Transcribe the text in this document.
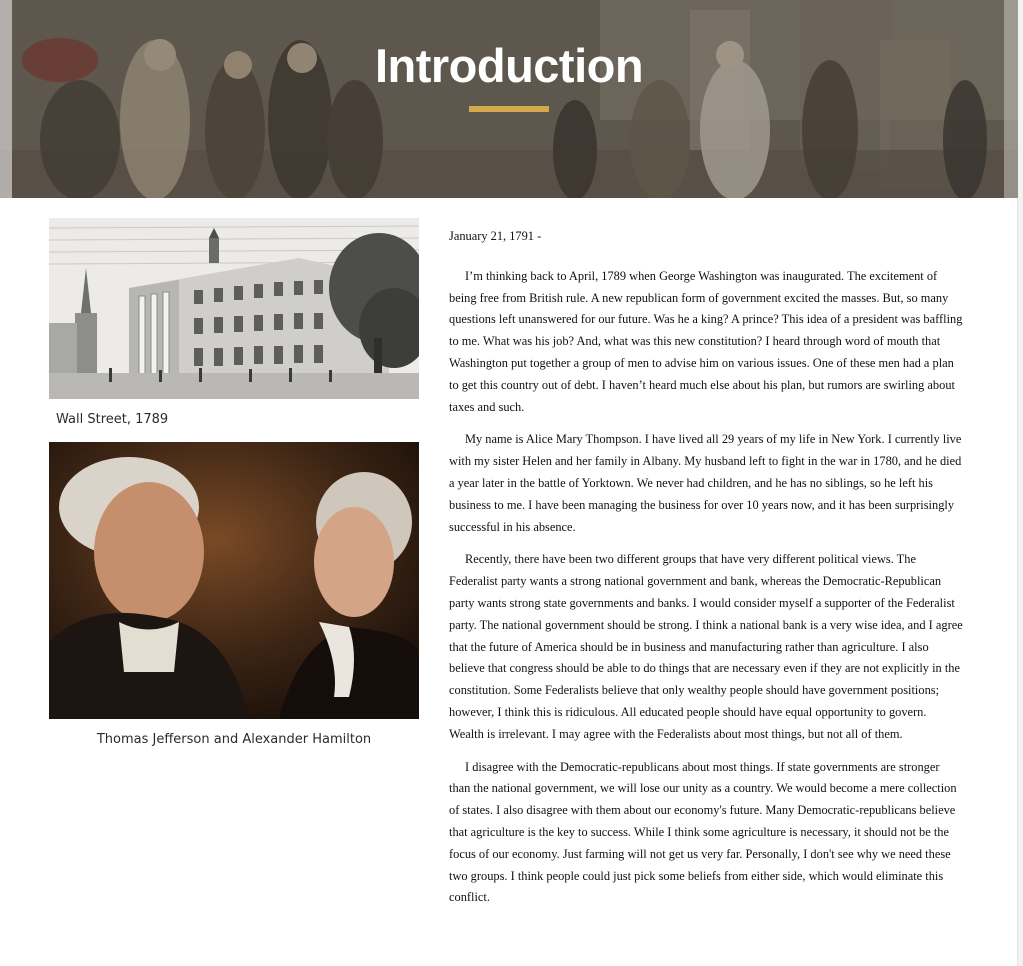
Introduction
Wall Street, 1789
Thomas Jefferson and Alexander Hamilton

January 21, 1791 -

I’m thinking back to April, 1789 when George Washington was inaugurated. The excitement of being free from British rule. A new republican form of government excited the masses. But, so many questions left unanswered for our future. Was he a king? A prince? This idea of a president was baffling to me. What was his job? And, what was this new constitution? I heard through word of mouth that Washington put together a group of men to advise him on various issues. One of these men had a plan to get this country out of debt. I haven’t heard much else about his plan, but rumors are swirling about taxes and such.

My name is Alice Mary Thompson. I have lived all 29 years of my life in New York. I currently live with my sister Helen and her family in Albany. My husband left to fight in the war in 1780, and he died a year later in the battle of Yorktown. We never had children, and he has no siblings, so he left his business to me. I have been managing the business for over 10 years now, and it has been surprisingly successful in his absence.

Recently, there have been two different groups that have very different political views. The Federalist party wants a strong national government and bank, whereas the Democratic-Republican party wants strong state governments and banks. I would consider myself a supporter of the Federalist party. The national government should be strong. I think a national bank is a very wise idea, and I agree that the future of America should be in business and manufacturing rather than agriculture. I also believe that congress should be able to do things that are necessary even if they are not explicitly in the constitution. Some Federalists believe that only wealthy people should have government positions; however, I think this is ridiculous. All educated people should have equal opportunity to govern. Wealth is irrelevant. I may agree with the Federalists about most things, but not all of them.

I disagree with the Democratic-republicans about most things. If state governments are stronger than the national government, we will lose our unity as a country. We would become a mere collection of states. I also disagree with them about our economy's future. Many Democratic-republicans believe that agriculture is the key to success. While I think some agriculture is necessary, it should not be the focus of our economy. Just farming will not get us very far. Personally, I don't see why we need these two groups. I think people could just pick some beliefs from either side, which would eliminate this conflict.
